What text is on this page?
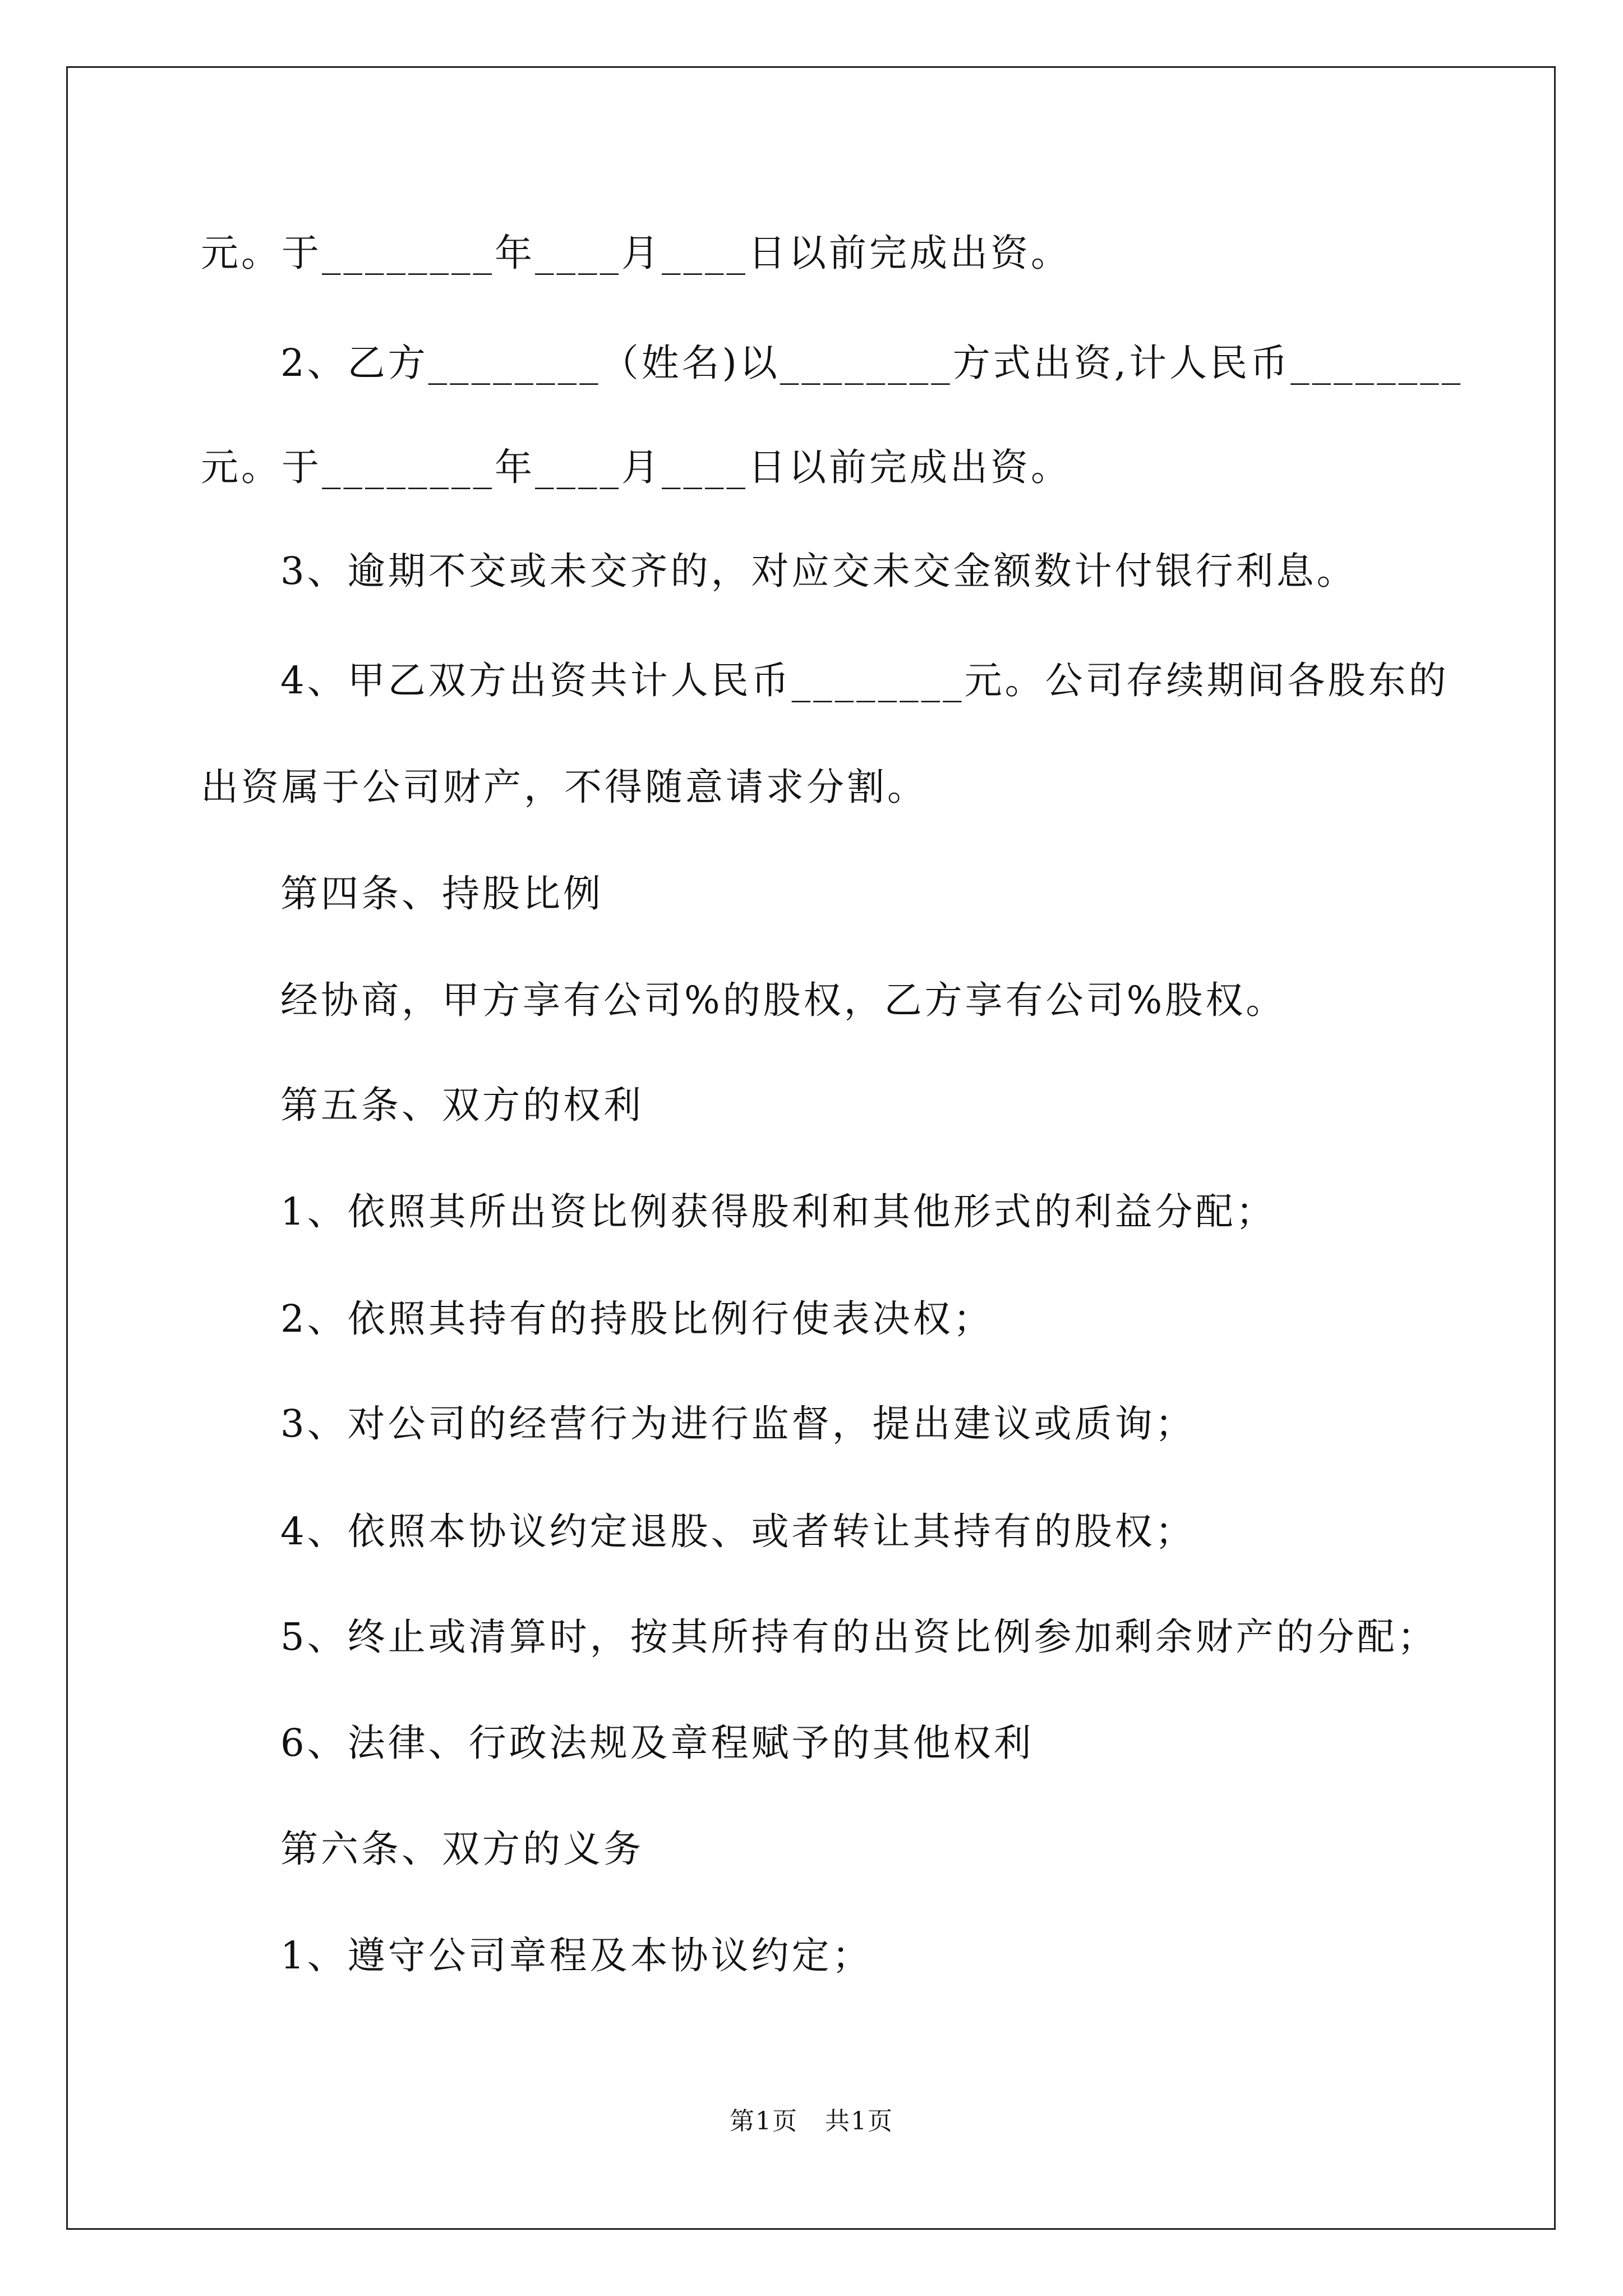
元。于________年____月____日以前完成出资。

2、乙方________（姓名)以________方式出资,计人民币________

元。于________年____月____日以前完成出资。

3、逾期不交或未交齐的，对应交未交金额数计付银行利息。

4、甲乙双方出资共计人民币________元。公司存续期间各股东的

出资属于公司财产，不得随意请求分割。

第四条、持股比例

经协商，甲方享有公司%的股权，乙方享有公司%股权。

第五条、双方的权利

1、依照其所出资比例获得股利和其他形式的利益分配；

2、依照其持有的持股比例行使表决权；

3、对公司的经营行为进行监督，提出建议或质询；

4、依照本协议约定退股、或者转让其持有的股权；

5、终止或清算时，按其所持有的出资比例参加剩余财产的分配；

6、法律、行政法规及章程赋予的其他权利

第六条、双方的义务

1、遵守公司章程及本协议约定；

第1页   共1页
